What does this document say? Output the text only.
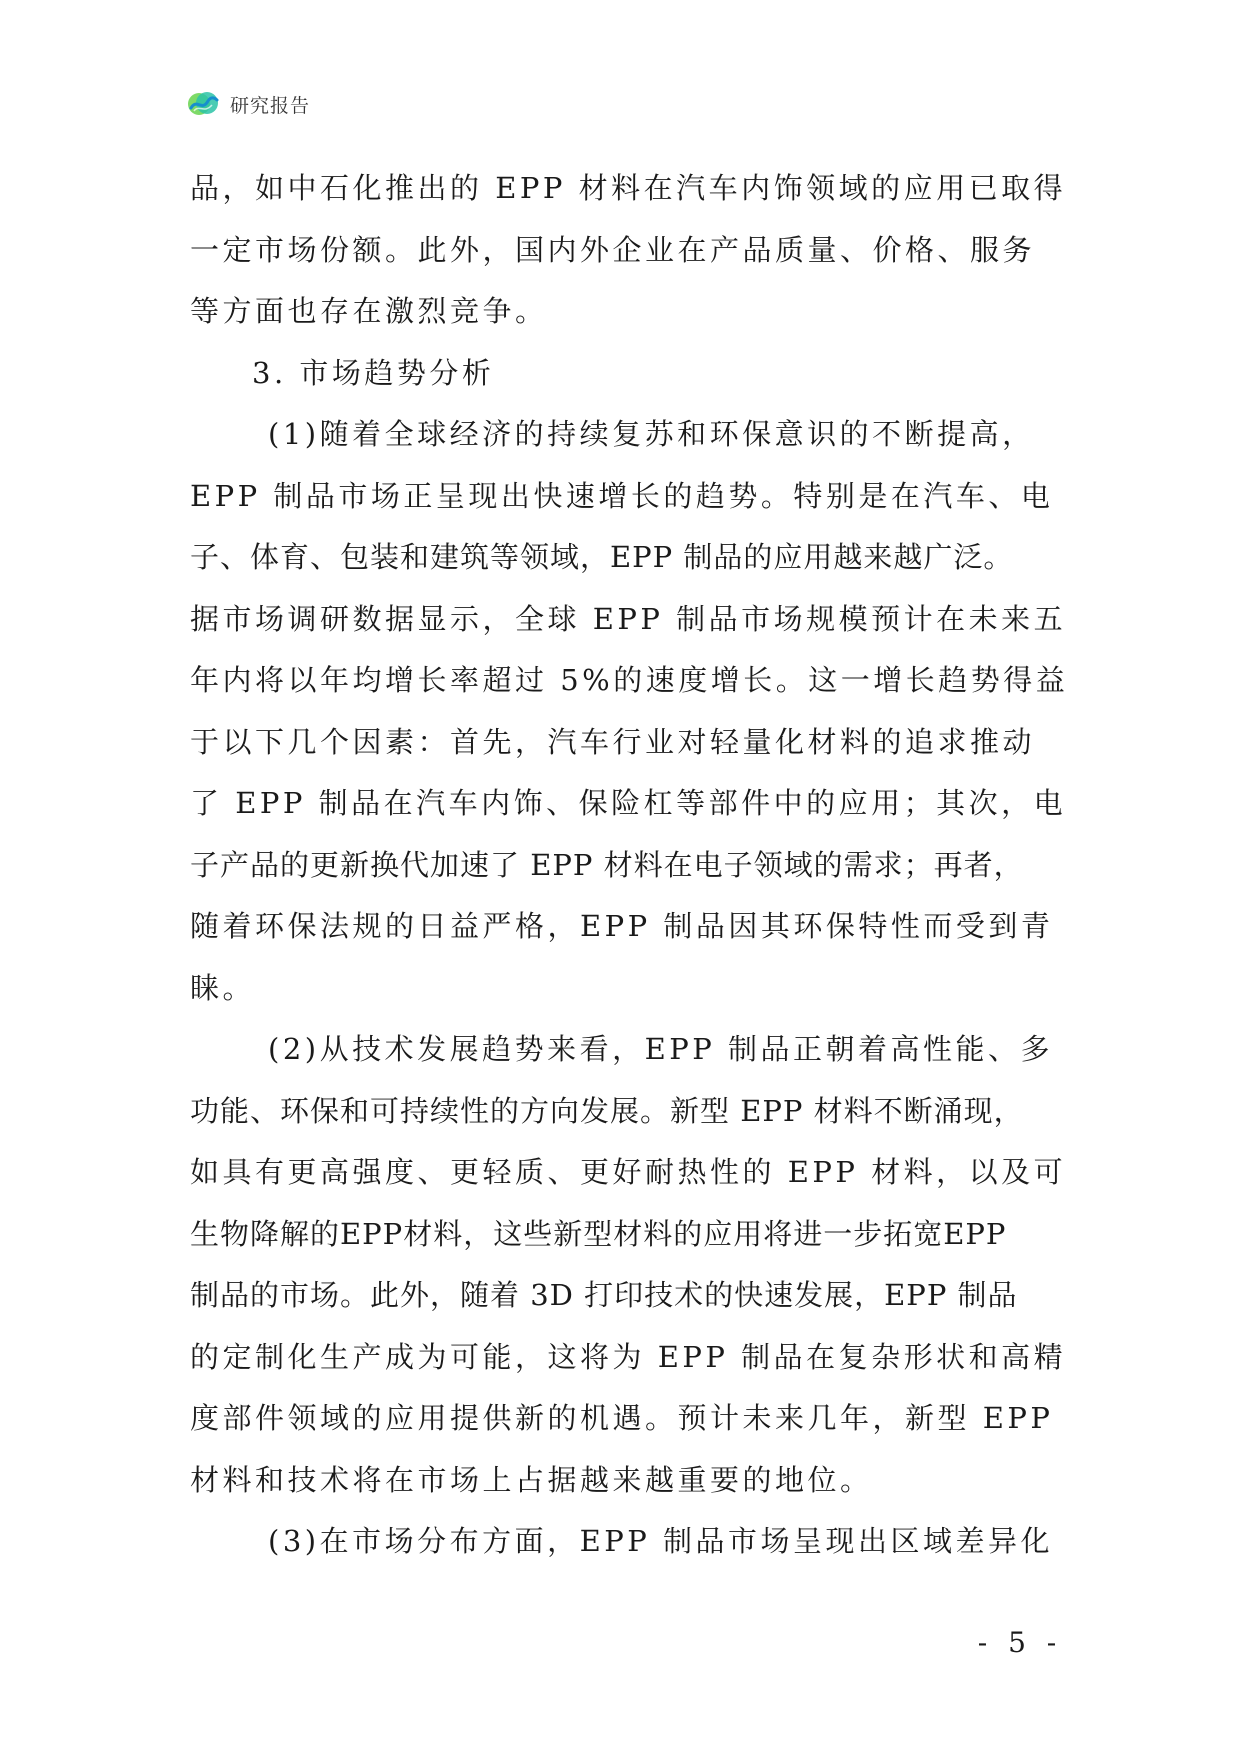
研究报告
品，如中石化推出的 EPP 材料在汽车内饰领域的应用已取得
一定市场份额。此外，国内外企业在产品质量、价格、服务
等方面也存在激烈竞争。
3. 市场趋势分析
(1)随着全球经济的持续复苏和环保意识的不断提高，
EPP 制品市场正呈现出快速增长的趋势。特别是在汽车、电
子、体育、包装和建筑等领域，EPP 制品的应用越来越广泛。
据市场调研数据显示，全球 EPP 制品市场规模预计在未来五
年内将以年均增长率超过 5%的速度增长。这一增长趋势得益
于以下几个因素：首先，汽车行业对轻量化材料的追求推动
了 EPP 制品在汽车内饰、保险杠等部件中的应用；其次，电
子产品的更新换代加速了 EPP 材料在电子领域的需求；再者，
随着环保法规的日益严格，EPP 制品因其环保特性而受到青
睐。
(2)从技术发展趋势来看，EPP 制品正朝着高性能、多
功能、环保和可持续性的方向发展。新型 EPP 材料不断涌现，
如具有更高强度、更轻质、更好耐热性的 EPP 材料，以及可
生物降解的EPP材料，这些新型材料的应用将进一步拓宽EPP
制品的市场。此外，随着 3D 打印技术的快速发展，EPP 制品
的定制化生产成为可能，这将为 EPP 制品在复杂形状和高精
度部件领域的应用提供新的机遇。预计未来几年，新型 EPP
材料和技术将在市场上占据越来越重要的地位。
(3)在市场分布方面，EPP 制品市场呈现出区域差异化
- 5 -
